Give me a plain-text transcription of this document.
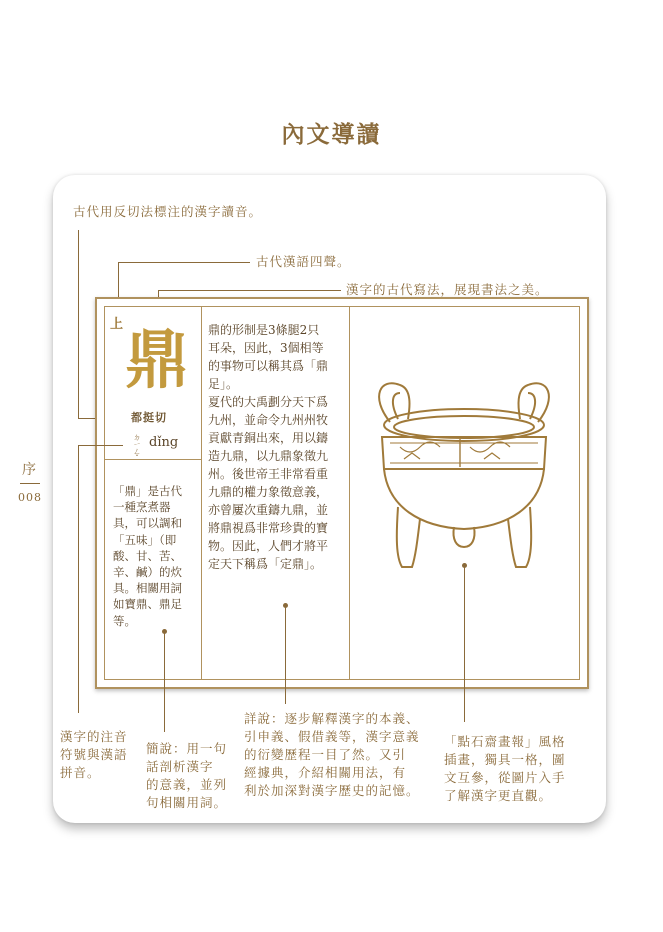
內文導讀
序
008
古代用反切法標注的漢字讀音。
古代漢語四聲。
漢字的古代寫法，展現書法之美。
上 鼎
都挺切
ㄉ
ㄧ
ㄥ
ˇ
dǐng
「鼎」是古代
一種烹煮器
具，可以調和
「五味」（即
酸、甘、苦、
辛、鹹）的炊
具。相關用詞
如寶鼎、鼎足
等。
鼎的形制是3條腿2只
耳朵，因此，3個相等
的事物可以稱其爲「鼎
足」。
夏代的大禹劃分天下爲
九州，並命令九州州牧
貢獻青銅出來，用以鑄
造九鼎，以九鼎象徵九
州。後世帝王非常看重
九鼎的權力象徵意義，
亦曾屢次重鑄九鼎，並
將鼎視爲非常珍貴的寶
物。因此，人們才將平
定天下稱爲「定鼎」。
漢字的注音
符號與漢語
拼音。
簡說：用一句
話剖析漢字
的意義，並列
句相關用詞。
詳說：逐步解釋漢字的本義、
引申義、假借義等，漢字意義
的衍變歷程一目了然。又引
經據典，介紹相關用法，有
利於加深對漢字歷史的記憶。
「點石齋畫報」風格
插畫，獨具一格，圖
文互參，從圖片入手
了解漢字更直觀。
